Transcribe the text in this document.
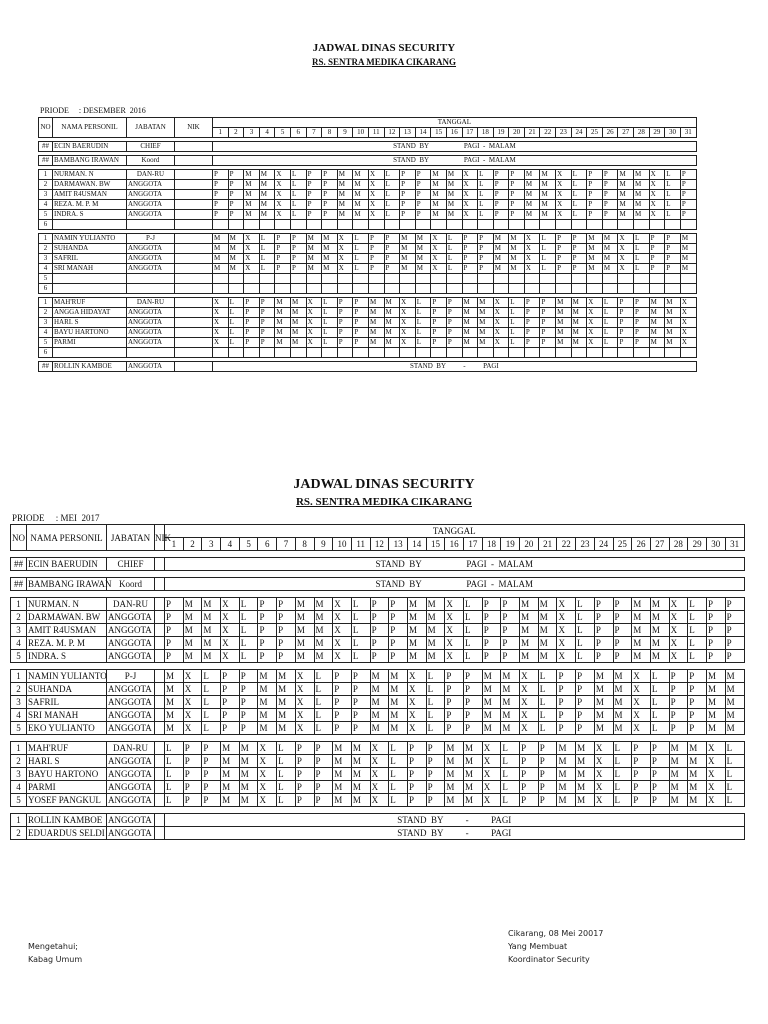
JADWAL DINAS SECURITY
RS. SENTRA MEDIKA CIKARANG
PRIODE     : DESEMBER  2016
NO	NAMA PERSONIL	JABATAN	NIK	TANGGAL																														
				1	2	3	4	5	6	7	8	9	10	11	12	13	14	15	16	17	18	19	20	21	22	23	24	25	26	27	28	29	30	31

##	ECIN BAERUDIN	CHIEF		STAND  BY                    PAGI  -  MALAM																														

##	BAMBANG IRAWAN	Koord		STAND  BY                    PAGI  -  MALAM																														

1	NURMAN. N	DAN-RU		P	P	M	M	X	L	P	P	M	M	X	L	P	P	M	M	X	L	P	P	M	M	X	L	P	P	M	M	X	L	P
2	DARMAWAN. BW	ANGGOTA		P	P	M	M	X	L	P	P	M	M	X	L	P	P	M	M	X	L	P	P	M	M	X	L	P	P	M	M	X	L	P
3	AMIT R4USMAN	ANGGOTA		P	P	M	M	X	L	P	P	M	M	X	L	P	P	M	M	X	L	P	P	M	M	X	L	P	P	M	M	X	L	P
4	REZA. M. P. M	ANGGOTA		P	P	M	M	X	L	P	P	M	M	X	L	P	P	M	M	X	L	P	P	M	M	X	L	P	P	M	M	X	L	P
5	INDRA. S	ANGGOTA		P	P	M	M	X	L	P	P	M	M	X	L	P	P	M	M	X	L	P	P	M	M	X	L	P	P	M	M	X	L	P
6																																		

1	NAMIN YULIANTO	P-J		M	M	X	L	P	P	M	M	X	L	P	P	M	M	X	L	P	P	M	M	X	L	P	P	M	M	X	L	P	P	M
2	SUHANDA	ANGGOTA		M	M	X	L	P	P	M	M	X	L	P	P	M	M	X	L	P	P	M	M	X	L	P	P	M	M	X	L	P	P	M
3	SAFRIL	ANGGOTA		M	M	X	L	P	P	M	M	X	L	P	P	M	M	X	L	P	P	M	M	X	L	P	P	M	M	X	L	P	P	M
4	SRI MANAH	ANGGOTA		M	M	X	L	P	P	M	M	X	L	P	P	M	M	X	L	P	P	M	M	X	L	P	P	M	M	X	L	P	P	M
5																																		
6																																		

1	MAH'RUF	DAN-RU		X	L	P	P	M	M	X	L	P	P	M	M	X	L	P	P	M	M	X	L	P	P	M	M	X	L	P	P	M	M	X
2	ANGGA HIDAYAT	ANGGOTA		X	L	P	P	M	M	X	L	P	P	M	M	X	L	P	P	M	M	X	L	P	P	M	M	X	L	P	P	M	M	X
3	HARI. S	ANGGOTA		X	L	P	P	M	M	X	L	P	P	M	M	X	L	P	P	M	M	X	L	P	P	M	M	X	L	P	P	M	M	X
4	BAYU HARTONO	ANGGOTA		X	L	P	P	M	M	X	L	P	P	M	M	X	L	P	P	M	M	X	L	P	P	M	M	X	L	P	P	M	M	X
5	PARMI	ANGGOTA		X	L	P	P	M	M	X	L	P	P	M	M	X	L	P	P	M	M	X	L	P	P	M	M	X	L	P	P	M	M	X
6																																		

##	ROLLIN KAMBOE	ANGGOTA		STAND  BY          -          PAGI																														
JADWAL DINAS SECURITY
RS. SENTRA MEDIKA CIKARANG
PRIODE     : MEI  2017
NO	NAMA PERSONIL	JABATAN	NIK	TANGGAL																														
				1	2	3	4	5	6	7	8	9	10	11	12	13	14	15	16	17	18	19	20	21	22	23	24	25	26	27	28	29	30	31

##	ECIN BAERUDIN	CHIEF		STAND  BY                    PAGI  -  MALAM																														

##	BAMBANG IRAWAN	Koord		STAND  BY                    PAGI  -  MALAM																														

1	NURMAN. N	DAN-RU		P	M	M	X	L	P	P	M	M	X	L	P	P	M	M	X	L	P	P	M	M	X	L	P	P	M	M	X	L	P	P
2	DARMAWAN. BW	ANGGOTA		P	M	M	X	L	P	P	M	M	X	L	P	P	M	M	X	L	P	P	M	M	X	L	P	P	M	M	X	L	P	P
3	AMIT R4USMAN	ANGGOTA		P	M	M	X	L	P	P	M	M	X	L	P	P	M	M	X	L	P	P	M	M	X	L	P	P	M	M	X	L	P	P
4	REZA. M. P. M	ANGGOTA		P	M	M	X	L	P	P	M	M	X	L	P	P	M	M	X	L	P	P	M	M	X	L	P	P	M	M	X	L	P	P
5	INDRA. S	ANGGOTA		P	M	M	X	L	P	P	M	M	X	L	P	P	M	M	X	L	P	P	M	M	X	L	P	P	M	M	X	L	P	P

1	NAMIN YULIANTO	P-J		M	X	L	P	P	M	M	X	L	P	P	M	M	X	L	P	P	M	M	X	L	P	P	M	M	X	L	P	P	M	M
2	SUHANDA	ANGGOTA		M	X	L	P	P	M	M	X	L	P	P	M	M	X	L	P	P	M	M	X	L	P	P	M	M	X	L	P	P	M	M
3	SAFRIL	ANGGOTA		M	X	L	P	P	M	M	X	L	P	P	M	M	X	L	P	P	M	M	X	L	P	P	M	M	X	L	P	P	M	M
4	SRI MANAH	ANGGOTA		M	X	L	P	P	M	M	X	L	P	P	M	M	X	L	P	P	M	M	X	L	P	P	M	M	X	L	P	P	M	M
5	EKO YULIANTO	ANGGOTA		M	X	L	P	P	M	M	X	L	P	P	M	M	X	L	P	P	M	M	X	L	P	P	M	M	X	L	P	P	M	M

1	MAH'RUF	DAN-RU		L	P	P	M	M	X	L	P	P	M	M	X	L	P	P	M	M	X	L	P	P	M	M	X	L	P	P	M	M	X	L
2	HARI. S	ANGGOTA		L	P	P	M	M	X	L	P	P	M	M	X	L	P	P	M	M	X	L	P	P	M	M	X	L	P	P	M	M	X	L
3	BAYU HARTONO	ANGGOTA		L	P	P	M	M	X	L	P	P	M	M	X	L	P	P	M	M	X	L	P	P	M	M	X	L	P	P	M	M	X	L
4	PARMI	ANGGOTA		L	P	P	M	M	X	L	P	P	M	M	X	L	P	P	M	M	X	L	P	P	M	M	X	L	P	P	M	M	X	L
5	YOSEF PANGKUL	ANGGOTA		L	P	P	M	M	X	L	P	P	M	M	X	L	P	P	M	M	X	L	P	P	M	M	X	L	P	P	M	M	X	L

1	ROLLIN KAMBOE	ANGGOTA		STAND  BY          -          PAGI																														
2	EDUARDUS SELDI	ANGGOTA		STAND  BY          -          PAGI																														
Mengetahui;
Kabag Umum
Cikarang, 08 Mei 20017
Yang Membuat
Koordinator Security
